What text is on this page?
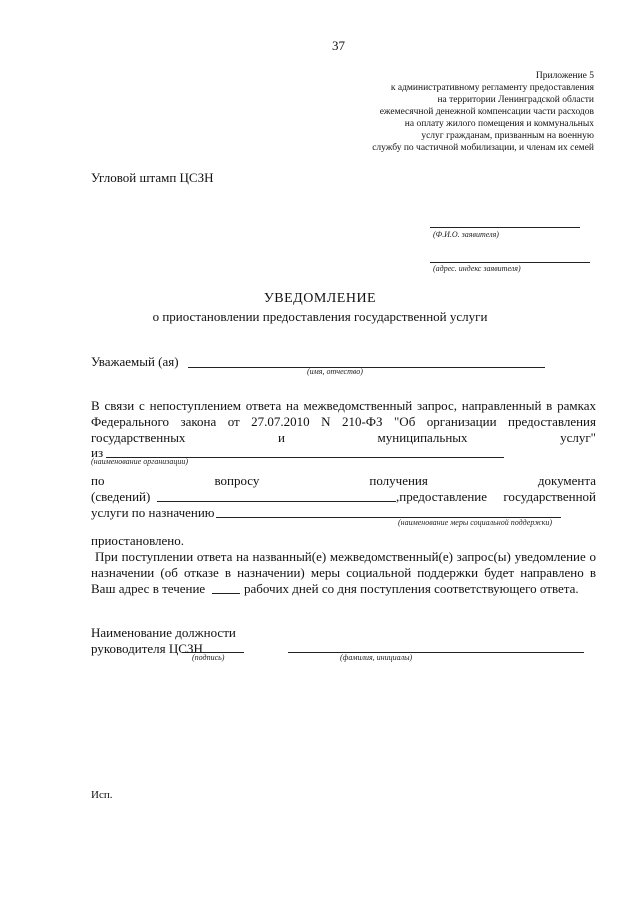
37
Приложение 5
к административному регламенту предоставления
на территории Ленинградской области
ежемесячной денежной компенсации части расходов
на оплату жилого помещения и коммунальных
услуг гражданам, призванным на военную
службу по частичной мобилизации, и членам их семей
Угловой штамп ЦСЗН
(Ф.И.О. заявителя)
(адрес. индекс заявителя)
УВЕДОМЛЕНИЕ
о приостановлении предоставления государственной услуги
Уважаемый (ая)
(имя, отчество)
В связи с непоступлением ответа на межведомственный запрос, направленный в рамках
Федерального закона от 27.07.2010 N 210-ФЗ "Об организации предоставления
государственных и муниципальных услуг"
из
(наименование организации)
по вопросу получения документа
(сведений)	,предоставление государственной
услуги по назначению
(наименование меры социальной поддержки)
приостановлено.
При поступлении ответа на названный(е) межведомственный(е) запрос(ы) уведомление о
назначении (об отказе в назначении) меры социальной поддержки будет направлено в
Ваш адрес в течение	рабочих дней со дня поступления соответствующего ответа.
Наименование должности
руководителя ЦСЗН
(подпись)	(фамилия, инициалы)
Исп.
